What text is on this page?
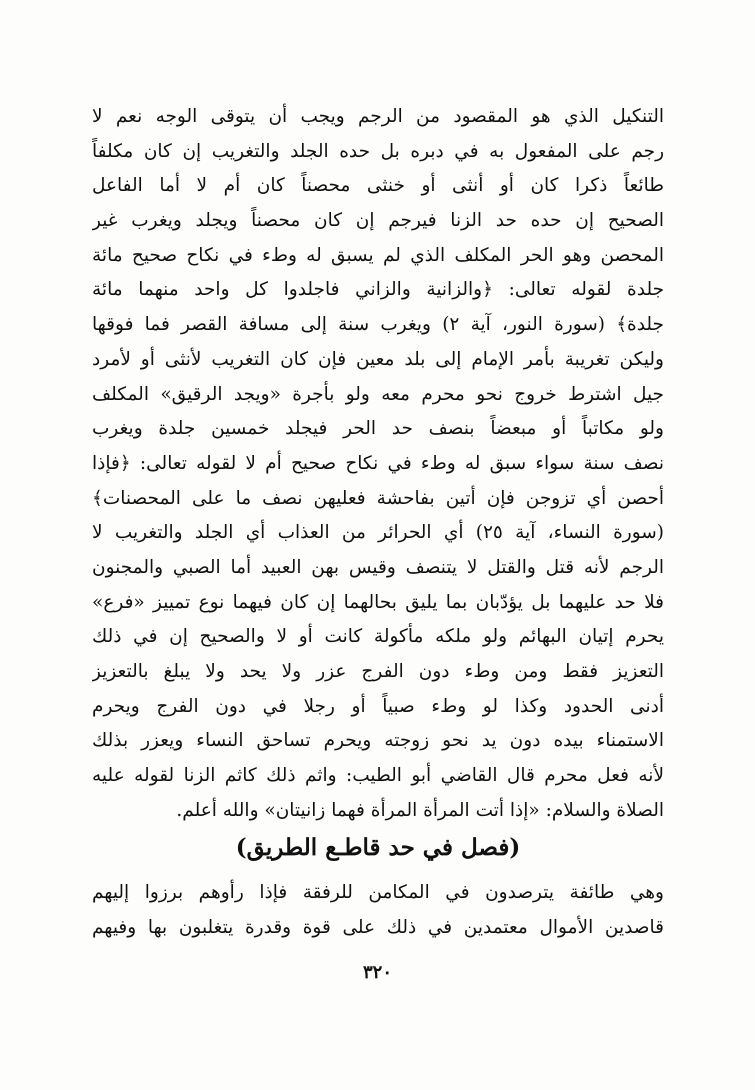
التنكيل الذي هو المقصود من الرجم ويجب أن يتوقى الوجه نعم لا
رجم على المفعول به في دبره بل حده الجلد والتغريب إن كان مكلفاً
طائعاً ذكرا كان أو أنثى أو خنثى محصناً كان أم لا أما الفاعل
الصحيح إن حده حد الزنا فيرجم إن كان محصناً ويجلد ويغرب غير
المحصن وهو الحر المكلف الذي لم يسبق له وطء في نكاح صحيح مائة
جلدة لقوله تعالى: ﴿والزانية والزاني فاجلدوا كل واحد منهما مائة
جلدة﴾ (سورة النور، آية ٢) ويغرب سنة إلى مسافة القصر فما فوقها
وليكن تغريبة بأمر الإمام إلى بلد معين فإن كان التغريب لأنثى أو لأمرد
جيل اشترط خروج نحو محرم معه ولو بأجرة «ويجد الرقيق» المكلف
ولو مكاتباً أو مبعضاً بنصف حد الحر فيجلد خمسين جلدة ويغرب
نصف سنة سواء سبق له وطء في نكاح صحيح أم لا لقوله تعالى: ﴿فإذا
أحصن أي تزوجن فإن أتين بفاحشة فعليهن نصف ما على المحصنات﴾
(سورة النساء، آية ٢٥) أي الحرائر من العذاب أي الجلد والتغريب لا
الرجم لأنه قتل والقتل لا يتنصف وقيس بهن العبيد أما الصبي والمجنون
فلا حد عليهما بل يؤدّبان بما يليق بحالهما إن كان فيهما نوع تمييز «فرع»
يحرم إتيان البهائم ولو ملكه مأكولة كانت أو لا والصحيح إن في ذلك
التعزيز فقط ومن وطء دون الفرج عزر ولا يحد ولا يبلغ بالتعزيز
أدنى الحدود وكذا لو وطء صبياً أو رجلا في دون الفرج ويحرم
الاستمناء بيده دون يد نحو زوجته ويحرم تساحق النساء ويعزر بذلك
لأنه فعل محرم قال القاضي أبو الطيب: واثم ذلك كاثم الزنا لقوله عليه
الصلاة والسلام: «إذا أتت المرأة المرأة فهما زانيتان» والله أعلم.
(فصل في حد قاطـع الطريق)
وهي طائفة يترصدون في المكامن للرفقة فإذا رأوهم برزوا إليهم
قاصدين الأموال معتمدين في ذلك على قوة وقدرة يتغلبون بها وفيهم
٣٢٠
